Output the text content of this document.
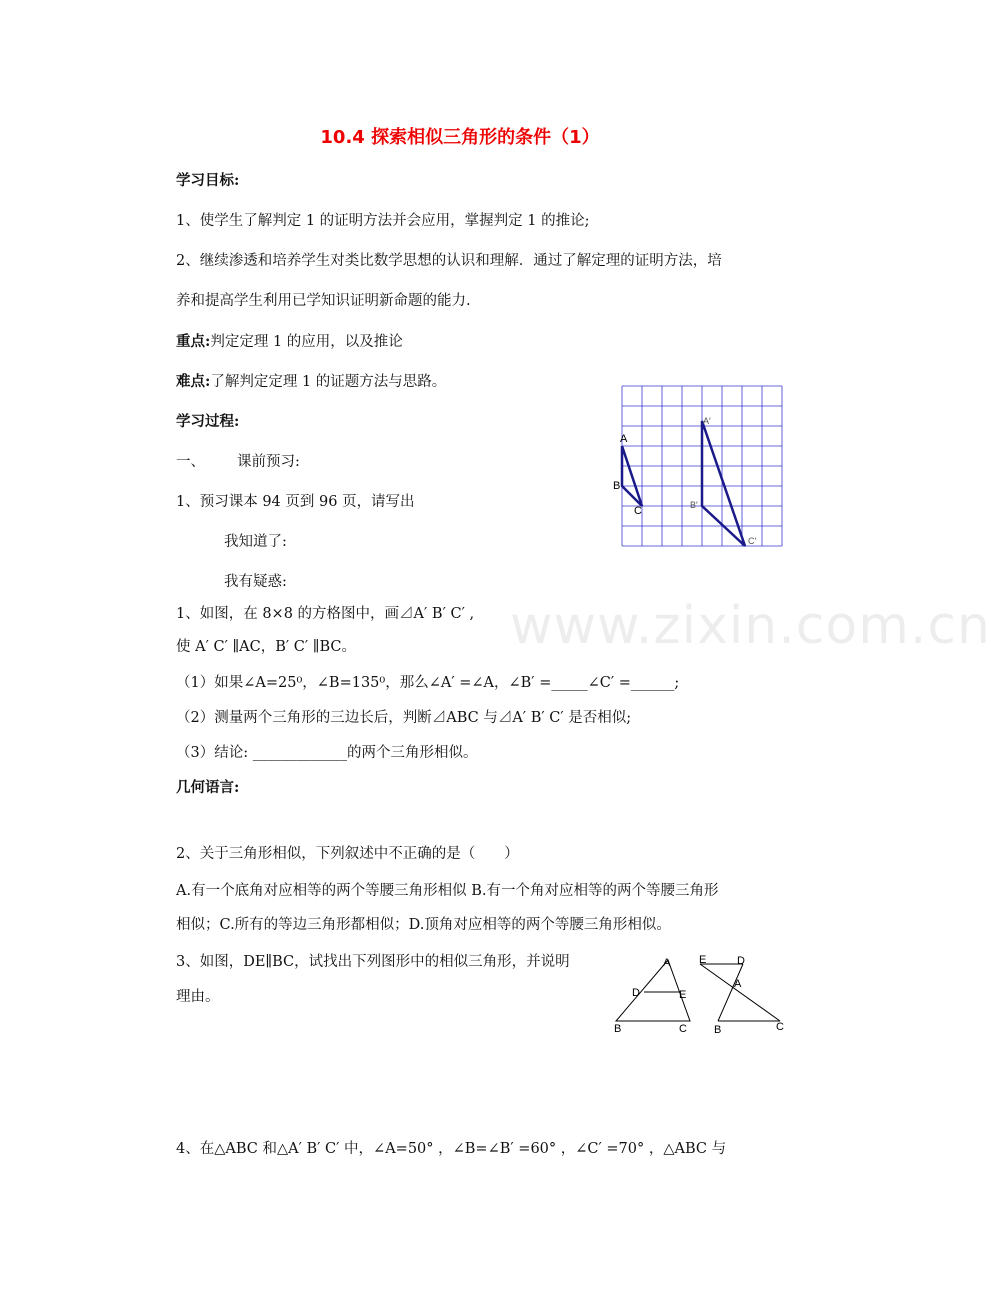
10.4 探索相似三角形的条件（1）
学习目标:
1、使学生了解判定 1 的证明方法并会应用，掌握判定 1 的推论;
2、继续渗透和培养学生对类比数学思想的认识和理解．通过了解定理的证明方法，培
养和提高学生利用已学知识证明新命题的能力.
重点:判定定理 1 的应用，以及推论
难点:了解判定定理 1 的证题方法与思路。
学习过程:
一、 课前预习:
1、预习课本 94 页到 96 页，请写出
我知道了:
我有疑惑:
1、如图，在 8×8 的方格图中，画⊿A′ B′ C′ ,
使 A′ C′ ∥AC，B′ C′ ∥BC。
（1）如果∠A=25⁰，∠B=135⁰，那么∠A′ =∠A，∠B′ =_____∠C′ =______;
（2）测量两个三角形的三边长后，判断⊿ABC 与⊿A′ B′ C′ 是否相似;
（3）结论: _____________的两个三角形相似。
几何语言:
2、关于三角形相似，下列叙述中不正确的是（　　）
A.有一个底角对应相等的两个等腰三角形相似 B.有一个角对应相等的两个等腰三角形
相似；C.所有的等边三角形都相似；D.顶角对应相等的两个等腰三角形相似。
3、如图，DE∥BC，试找出下列图形中的相似三角形，并说明
理由。
4、在△ABC 和△A′ B′ C′ 中，∠A=50° ，∠B=∠B′ =60° ，∠C′ =70° ，△ABC 与
www.zixin.com.cn
A
B
C
A′
B′
C′
A
D	E
B	C
E	D
A
B	C
